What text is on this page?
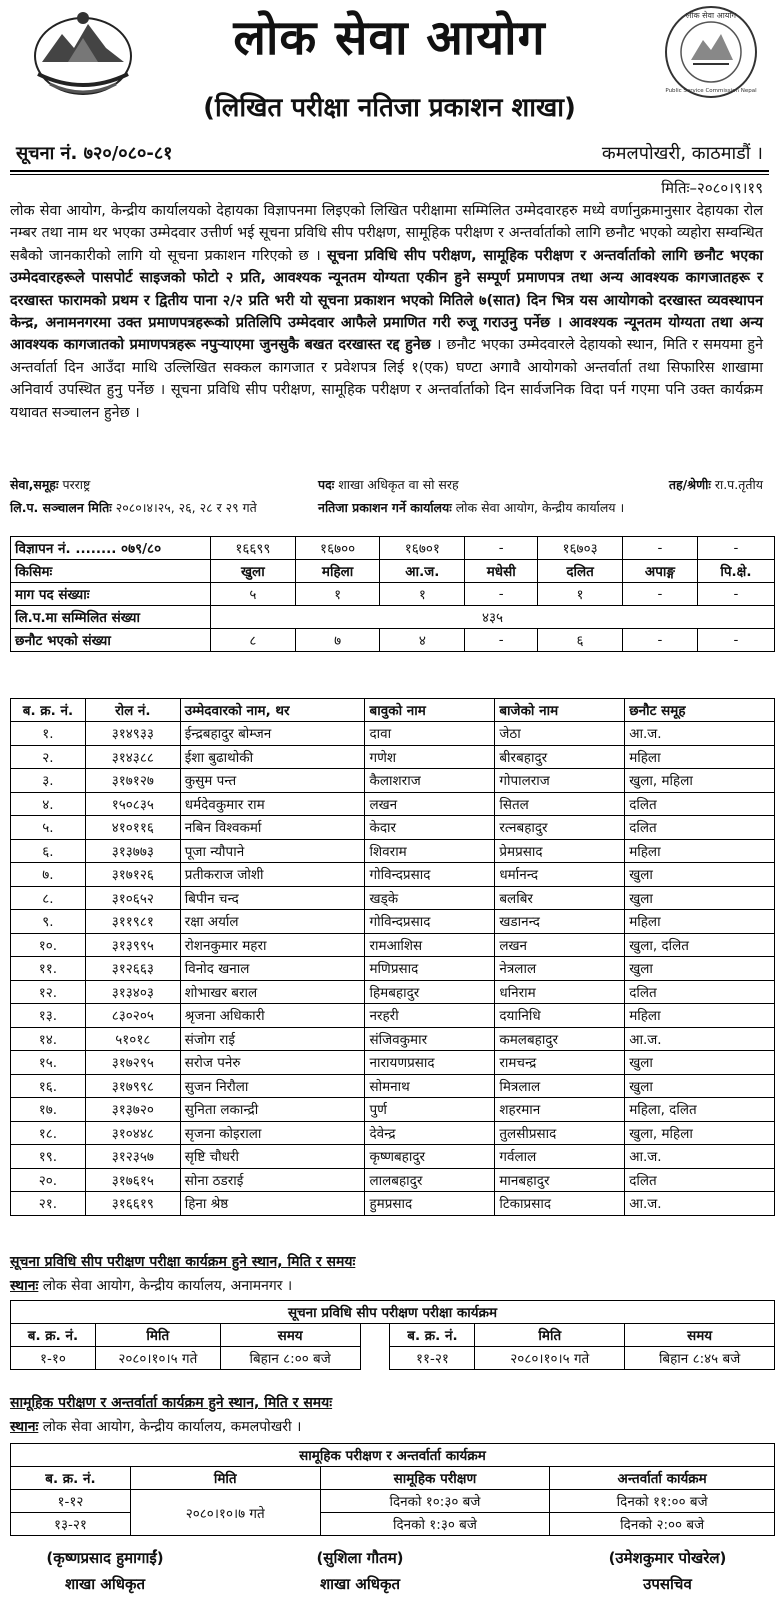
लोक सेवा आयोग	लोक सेवा आयोग
Public Service Commission Nepal
(लिखित परीक्षा नतिजा प्रकाशन शाखा)
सूचना नं. ७२०/०८०-८१	कमलपोखरी, काठमाडौं ।
मितिः–२०८०।९।१९
लोक सेवा आयोग, केन्द्रीय कार्यालयको देहायका विज्ञापनमा लिइएको लिखित परीक्षामा सम्मिलित उम्मेदवारहरु मध्ये वर्णानुक्रमानुसार देहायका रोल नम्बर तथा नाम थर भएका उम्मेदवार उत्तीर्ण भई सूचना प्रविधि सीप परीक्षण, सामूहिक परीक्षण र अन्तर्वार्ताको लागि छनौट भएको व्यहोरा सम्वन्धित सबैको जानकारीको लागि यो सूचना प्रकाशन गरिएको छ । सूचना प्रविधि सीप परीक्षण, सामूहिक परीक्षण र अन्तर्वार्ताको लागि छनौट भएका उम्मेदवारहरूले पासपोर्ट साइजको फोटो २ प्रति, आवश्यक न्यूनतम योग्यता एकीन हुने सम्पूर्ण प्रमाणपत्र तथा अन्य आवश्यक कागजातहरू र दरखास्त फारामको प्रथम र द्वितीय पाना २/२ प्रति भरी यो सूचना प्रकाशन भएको मितिले ७(सात) दिन भित्र यस आयोगको दरखास्त व्यवस्थापन केन्द्र, अनामनगरमा उक्त प्रमाणपत्रहरूको प्रतिलिपि उम्मेदवार आफैले प्रमाणित गरी रुजू गराउनु पर्नेछ । आवश्यक न्यूनतम योग्यता तथा अन्य आवश्यक कागजातको प्रमाणपत्रहरू नपुऱ्याएमा जुनसुकै बखत दरखास्त रद्द हुनेछ । छनौट भएका उम्मेदवारले देहायको स्थान, मिति र समयमा हुने अन्तर्वार्ता दिन आउँदा माथि उल्लिखित सक्कल कागजात र प्रवेशपत्र लिई १(एक) घण्टा अगावै आयोगको अन्तर्वार्ता तथा सिफारिस शाखामा अनिवार्य उपस्थित हुनु पर्नेछ । सूचना प्रविधि सीप परीक्षण, सामूहिक परीक्षण र अन्तर्वार्ताको दिन सार्वजनिक विदा पर्न गएमा पनि उक्त कार्यक्रम यथावत सञ्चालन हुनेछ ।
सेवा,समूहः परराष्ट्र	पदः शाखा अधिकृत वा सो सरह	तह/श्रेणीः रा.प.तृतीय
लि.प. सञ्चालन मितिः २०८०।४।२५, २६, २८ र २९ गते	नतिजा प्रकाशन गर्ने कार्यालयः लोक सेवा आयोग, केन्द्रीय कार्यालय ।
विज्ञापन नं. ........ ०७९/८०	१६६९९	१६७००	१६७०१	-	१६७०३	-	-
किसिमः	खुला	महिला	आ.ज.	मधेसी	दलित	अपाङ्ग	पि.क्षे.
माग पद संख्याः	५	१	१	-	१	-	-
लि.प.मा सम्मिलित संख्या	४३५						
छनौट भएको संख्या	८	७	४	-	६	-	-
ब. क्र. नं.	रोल नं.	उम्मेदवारको नाम, थर	बावुको नाम	बाजेको नाम	छनौट समूह
१.	३१४९३३	ईन्द्रबहादुर बोम्जन	दावा	जेठा	आ.ज.
२.	३१४३८८	ईशा बुढाथोकी	गणेश	बीरबहादुर	महिला
३.	३१७१२७	कुसुम पन्त	कैलाशराज	गोपालराज	खुला, महिला
४.	१५०८३५	धर्मदेवकुमार राम	लखन	सितल	दलित
५.	४१०११६	नबिन विश्वकर्मा	केदार	रत्नबहादुर	दलित
६.	३१३७७३	पूजा न्यौपाने	शिवराम	प्रेमप्रसाद	महिला
७.	३१७१२६	प्रतीकराज जोशी	गोविन्दप्रसाद	धर्मानन्द	खुला
८.	३१०६५२	बिपीन चन्द	खड्के	बलबिर	खुला
९.	३११९८१	रक्षा अर्याल	गोविन्दप्रसाद	खडानन्द	महिला
१०.	३१३९९५	रोशनकुमार महरा	रामआशिस	लखन	खुला, दलित
११.	३१२६६३	विनोद खनाल	मणिप्रसाद	नेत्रलाल	खुला
१२.	३१३४०३	शोभाखर बराल	हिमबहादुर	धनिराम	दलित
१३.	८३०२०५	श्रृजना अधिकारी	नरहरी	दयानिधि	महिला
१४.	५१०१८	संजोग राई	संजिवकुमार	कमलबहादुर	आ.ज.
१५.	३१७२९५	सरोज पनेरु	नारायणप्रसाद	रामचन्द्र	खुला
१६.	३१७९९८	सुजन निरौला	सोमनाथ	मित्रलाल	खुला
१७.	३१३७२०	सुनिता लकान्द्री	पुर्ण	शहरमान	महिला, दलित
१८.	३१०४४८	सृजना कोइराला	देवेन्द्र	तुलसीप्रसाद	खुला, महिला
१९.	३१२३५७	सृष्टि चौधरी	कृष्णबहादुर	गर्वलाल	आ.ज.
२०.	३१७६१५	सोना ठडराई	लालबहादुर	मानबहादुर	दलित
२१.	३१६६१९	हिना श्रेष्ठ	हुमप्रसाद	टिकाप्रसाद	आ.ज.
सूचना प्रविधि सीप परीक्षण परीक्षा कार्यक्रम हुने स्थान, मिति र समयः
स्थानः लोक सेवा आयोग, केन्द्रीय कार्यालय, अनामनगर ।
सूचना प्रविधि सीप परीक्षण परीक्षा कार्यक्रम						
ब. क्र. नं.	मिति	समय		ब. क्र. नं.	मिति	समय
१-१०	२०८०।१०।५ गते	बिहान ८:०० बजे		११-२१	२०८०।१०।५ गते	बिहान ८:४५ बजे
सामूहिक परीक्षण र अन्तर्वार्ता कार्यक्रम हुने स्थान, मिति र समयः
स्थानः लोक सेवा आयोग, केन्द्रीय कार्यालय, कमलपोखरी ।
सामूहिक परीक्षण र अन्तर्वार्ता कार्यक्रम			
ब. क्र. नं.	मिति	सामूहिक परीक्षण	अन्तर्वार्ता कार्यक्रम
१-१२	२०८०।१०।७ गते	दिनको १०:३० बजे	दिनको ११:०० बजे
१३-२१		दिनको १:३० बजे	दिनको २:०० बजे
(कृष्णप्रसाद हुमागाईं)
शाखा अधिकृत
(सुशिला गौतम)
शाखा अधिकृत
(उमेशकुमार पोखरेल)
उपसचिव
